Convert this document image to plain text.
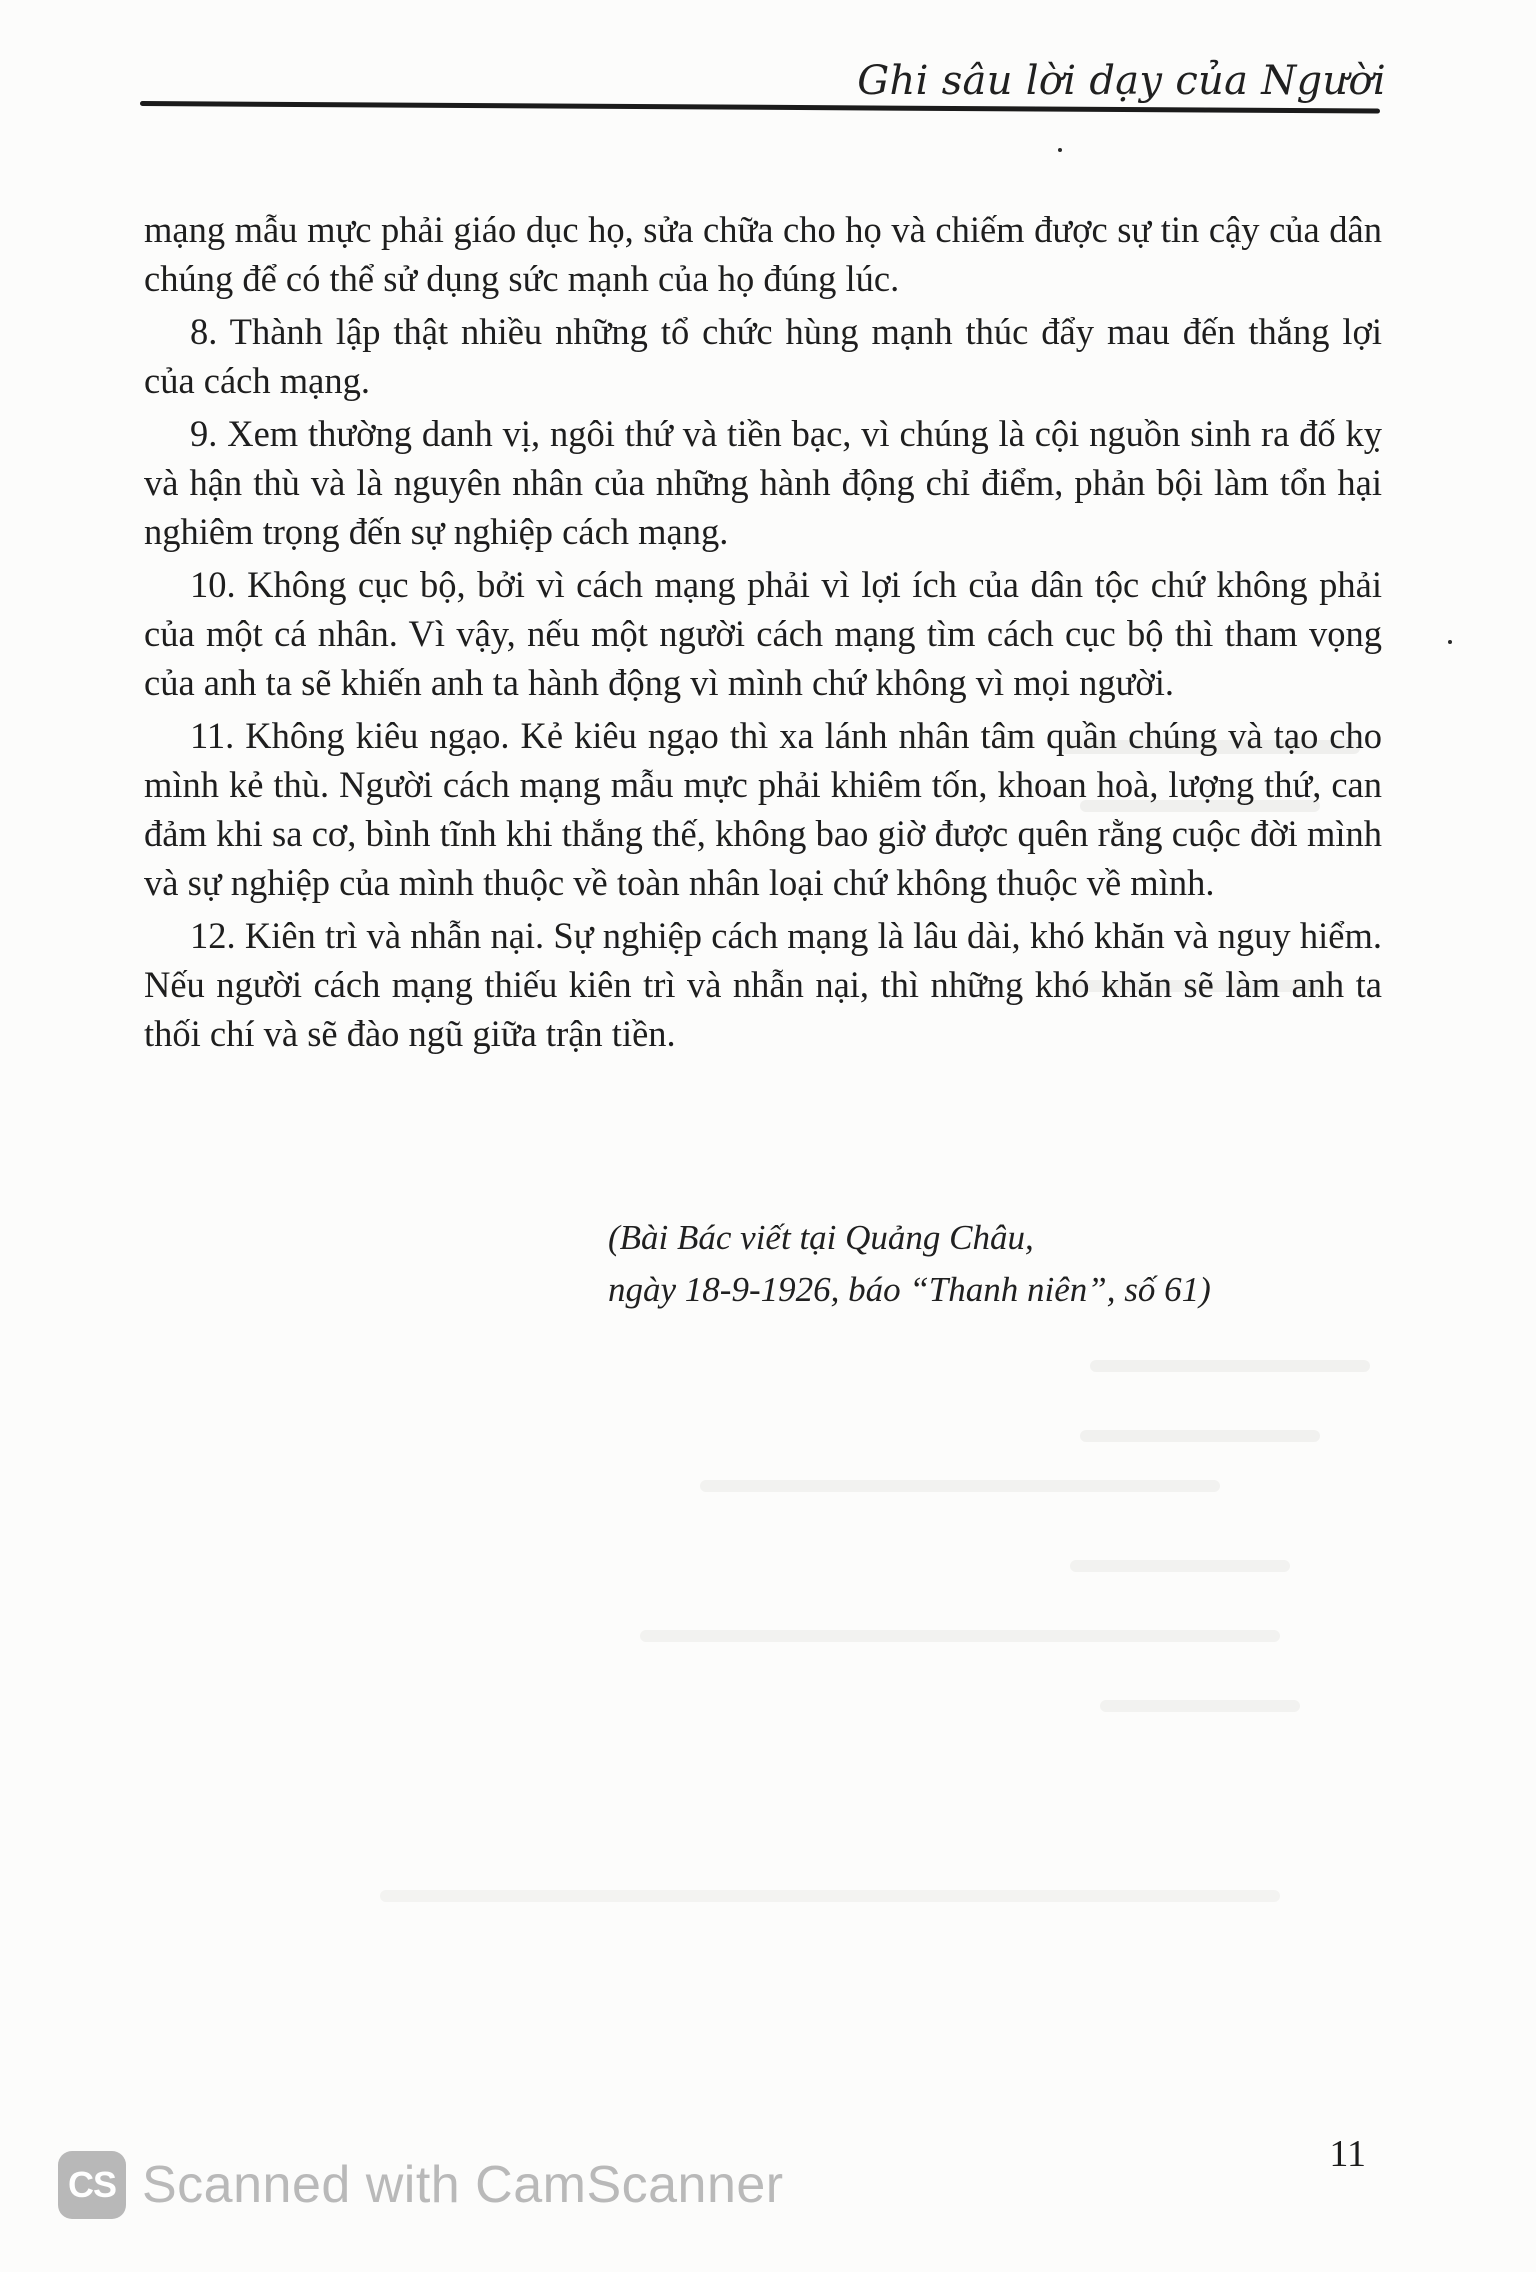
Ghi sâu lời dạy của Người

mạng mẫu mực phải giáo dục họ, sửa chữa cho họ và chiếm được sự tin cậy của dân chúng để có thể sử dụng sức mạnh của họ đúng lúc.

8. Thành lập thật nhiều những tổ chức hùng mạnh thúc đẩy mau đến thắng lợi của cách mạng.

9. Xem thường danh vị, ngôi thứ và tiền bạc, vì chúng là cội nguồn sinh ra đố kỵ và hận thù và là nguyên nhân của những hành động chỉ điểm, phản bội làm tổn hại nghiêm trọng đến sự nghiệp cách mạng.

10. Không cục bộ, bởi vì cách mạng phải vì lợi ích của dân tộc chứ không phải của một cá nhân. Vì vậy, nếu một người cách mạng tìm cách cục bộ thì tham vọng của anh ta sẽ khiến anh ta hành động vì mình chứ không vì mọi người.

11. Không kiêu ngạo. Kẻ kiêu ngạo thì xa lánh nhân tâm quần chúng và tạo cho mình kẻ thù. Người cách mạng mẫu mực phải khiêm tốn, khoan hoà, lượng thứ, can đảm khi sa cơ, bình tĩnh khi thắng thế, không bao giờ được quên rằng cuộc đời mình và sự nghiệp của mình thuộc về toàn nhân loại chứ không thuộc về mình.

12. Kiên trì và nhẫn nại. Sự nghiệp cách mạng là lâu dài, khó khăn và nguy hiểm. Nếu người cách mạng thiếu kiên trì và nhẫn nại, thì những khó khăn sẽ làm anh ta thối chí và sẽ đào ngũ giữa trận tiền.

(Bài Bác viết tại Quảng Châu,
ngày 18-9-1926, báo “Thanh niên”, số 61)
11
CS Scanned with CamScanner
